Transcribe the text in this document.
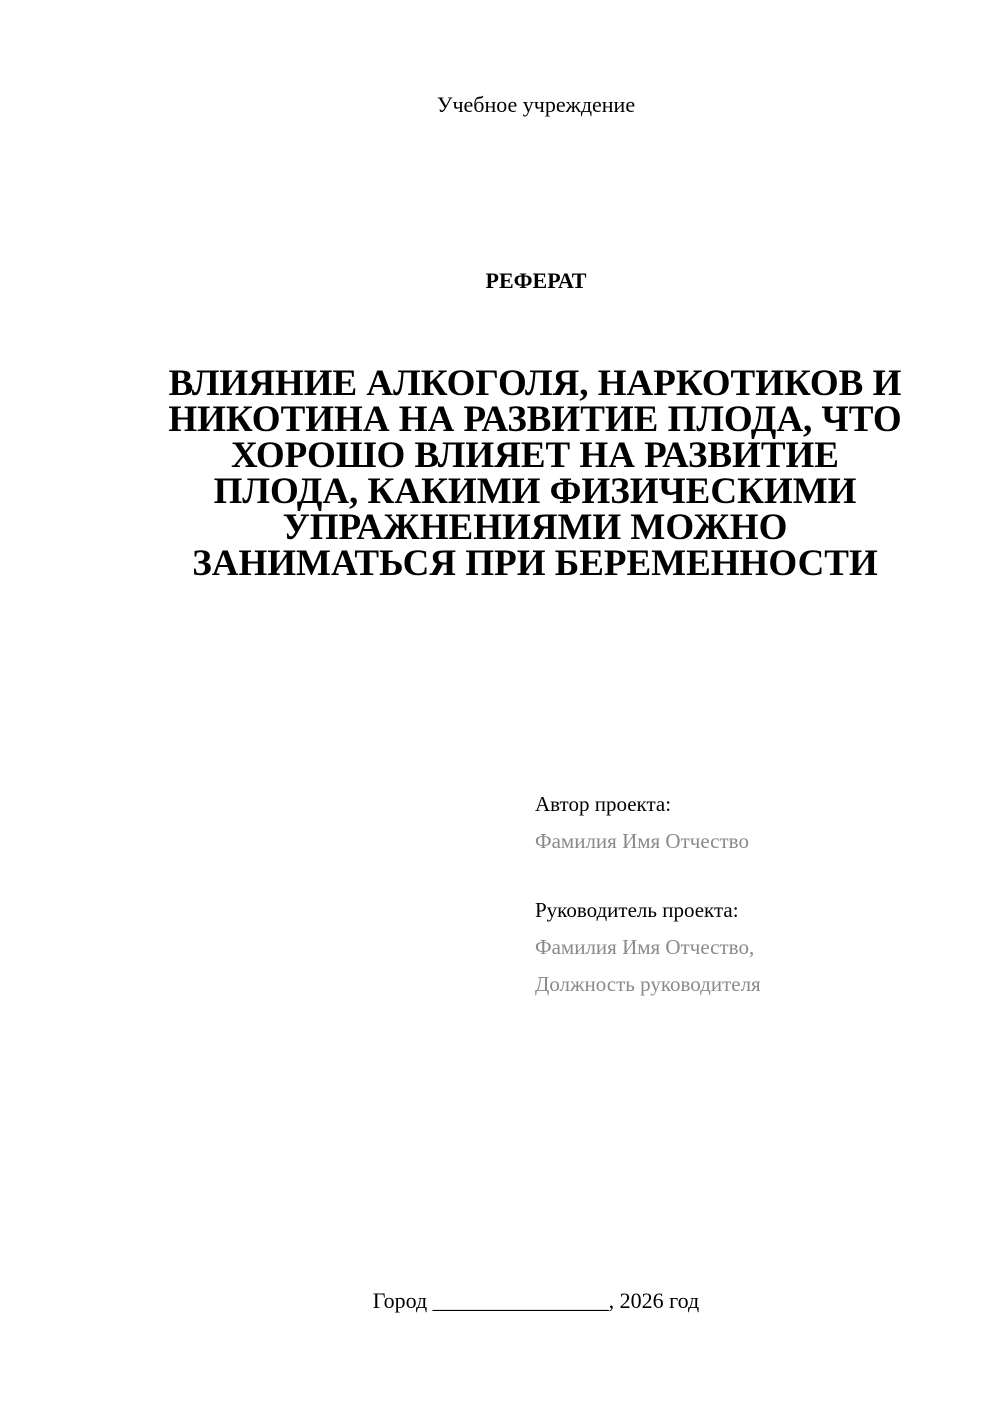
Учебное учреждение
РЕФЕРАТ
ВЛИЯНИЕ АЛКОГОЛЯ, НАРКОТИКОВ И
НИКОТИНА НА РАЗВИТИЕ ПЛОДА, ЧТО
ХОРОШО ВЛИЯЕТ НА РАЗВИТИЕ
ПЛОДА, КАКИМИ ФИЗИЧЕСКИМИ
УПРАЖНЕНИЯМИ МОЖНО
ЗАНИМАТЬСЯ ПРИ БЕРЕМЕННОСТИ
Автор проекта:
Фамилия Имя Отчество
Руководитель проекта:
Фамилия Имя Отчество,
Должность руководителя
Город ________________, 2026 год
